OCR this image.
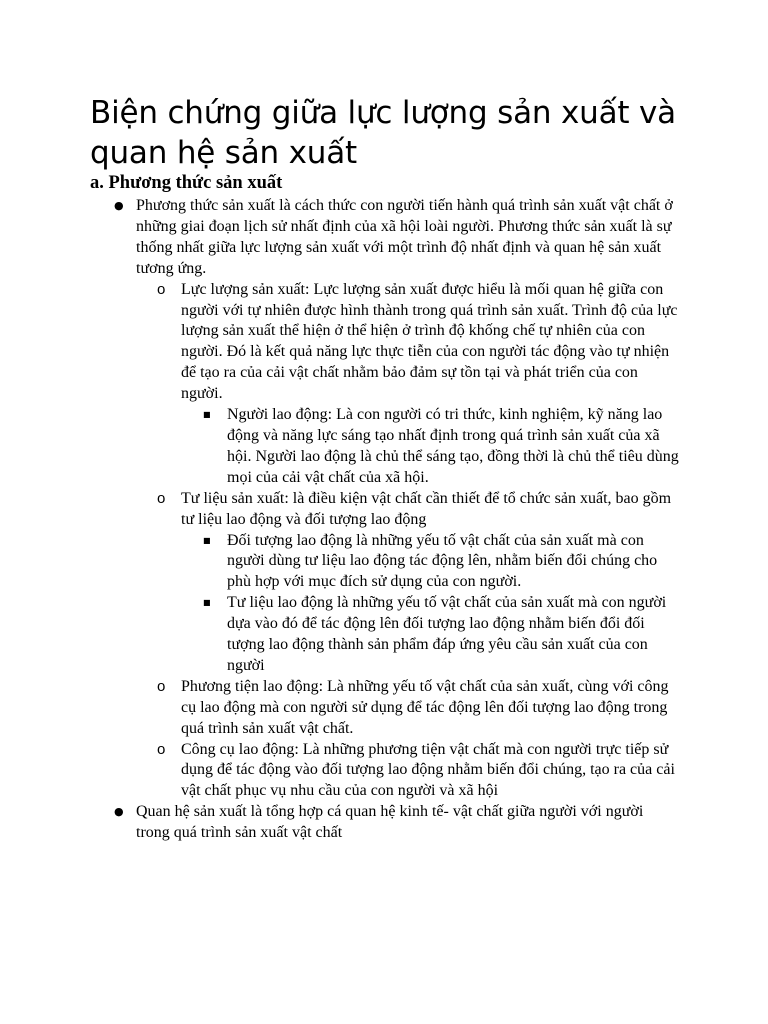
Biện chứng giữa lực lượng sản xuất và quan hệ sản xuất
a. Phương thức sản xuất
● Phương thức sản xuất là cách thức con người tiến hành quá trình sản xuất vật chất ở những giai đoạn lịch sử nhất định của xã hội loài người. Phương thức sản xuất là sự thống nhất giữa lực lượng sản xuất với một trình độ nhất định và quan hệ sản xuất tương ứng.
o Lực lượng sản xuất: Lực lượng sản xuất được hiểu là mối quan hệ giữa con người với tự nhiên được hình thành trong quá trình sản xuất. Trình độ của lực lượng sản xuất thể hiện ở thể hiện ở trình độ khống chế tự nhiên của con người. Đó là kết quả năng lực thực tiễn của con người tác động vào tự nhiện để tạo ra của cải vật chất nhằm bảo đảm sự tồn tại và phát triển của con người.
■ Người lao động: Là con người có tri thức, kinh nghiệm, kỹ năng lao động và năng lực sáng tạo nhất định trong quá trình sản xuất của xã hội. Người lao động là chủ thể sáng tạo, đồng thời là chủ thể tiêu dùng mọi của cải vật chất của xã hội.
o Tư liệu sản xuất: là điều kiện vật chất cần thiết để tổ chức sản xuất, bao gồm tư liệu lao động và đối tượng lao động
■ Đối tượng lao động là những yếu tố vật chất của sản xuất mà con người dùng tư liệu lao động tác động lên, nhằm biến đổi chúng cho phù hợp với mục đích sử dụng của con người.
■ Tư liệu lao động là những yếu tố vật chất của sản xuất mà con người dựa vào đó để tác động lên đối tượng lao động nhằm biến đổi đối tượng lao động thành sản phẩm đáp ứng yêu cầu sản xuất của con người
o Phương tiện lao động: Là những yếu tố vật chất của sản xuất, cùng với công cụ lao động mà con người sử dụng để tác động lên đối tượng lao động trong quá trình sản xuất vật chất.
o Công cụ lao động: Là những phương tiện vật chất mà con người trực tiếp sử dụng để tác động vào đối tượng lao động nhằm biến đổi chúng, tạo ra của cải vật chất phục vụ nhu cầu của con người và xã hội
● Quan hệ sản xuất là tổng hợp cá quan hệ kinh tế- vật chất giữa người với người trong quá trình sản xuất vật chất
